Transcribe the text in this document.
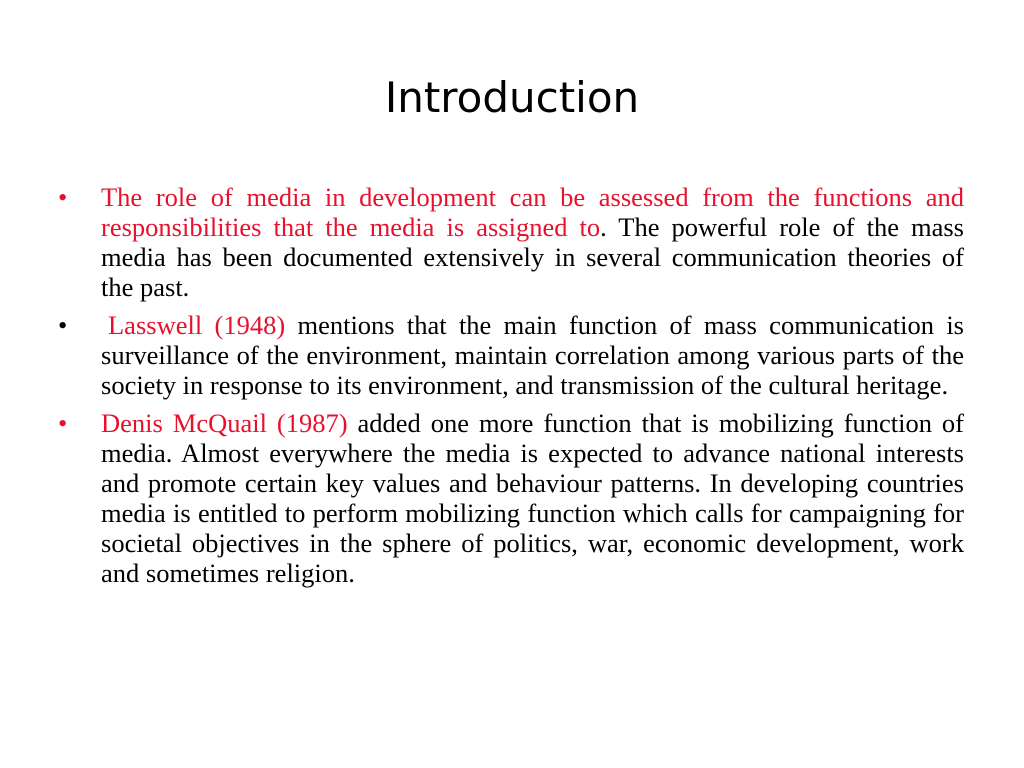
Introduction
•	The role of media in development can be assessed from the functions and responsibilities that the media is assigned to. The powerful role of the mass media has been documented extensively in several communication theories of the past.
•	Lasswell (1948) mentions that the main function of mass communication is surveillance of the environment, maintain correlation among various parts of the society in response to its environment, and transmission of the cultural heritage.
•	Denis McQuail (1987) added one more function that is mobilizing function of media. Almost everywhere the media is expected to advance national interests and promote certain key values and behaviour patterns. In developing countries media is entitled to perform mobilizing function which calls for campaigning for societal objectives in the sphere of politics, war, economic development, work and sometimes religion.
